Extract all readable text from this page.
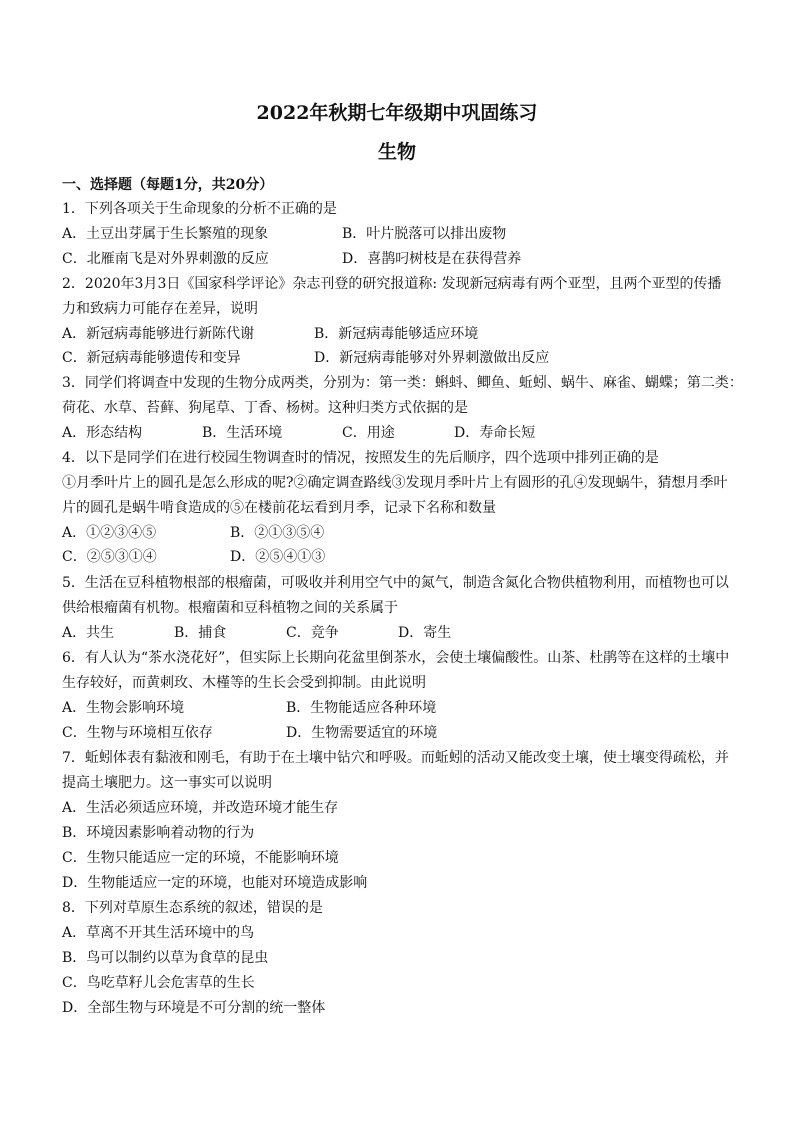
2022年秋期七年级期中巩固练习
生物
一、选择题（每题1分，共20分）
1．下列各项关于生命现象的分析不正确的是
A．土豆出芽属于生长繁殖的现象	B．叶片脱落可以排出废物
C．北雁南飞是对外界刺激的反应	D．喜鹊叼树枝是在获得营养
2．2020年3月3日《国家科学评论》杂志刊登的研究报道称: 发现新冠病毒有两个亚型，且两个亚型的传播
力和致病力可能存在差异，说明
A．新冠病毒能够进行新陈代谢	B．新冠病毒能够适应环境
C．新冠病毒能够遗传和变异	D．新冠病毒能够对外界刺激做出反应
3．同学们将调查中发现的生物分成两类，分别为：第一类：蝌蚪、鲫鱼、蚯蚓、蜗牛、麻雀、蝴蝶；第二类：
荷花、水草、苔藓、狗尾草、丁香、杨树。这种归类方式依据的是
A．形态结构	B．生活环境	C．用途	D．寿命长短
4．以下是同学们在进行校园生物调查时的情况，按照发生的先后顺序，四个选项中排列正确的是
①月季叶片上的圆孔是怎么形成的呢?②确定调查路线③发现月季叶片上有圆形的孔④发现蜗牛，猜想月季叶
片的圆孔是蜗牛啃食造成的⑤在楼前花坛看到月季，记录下名称和数量
A．①②③④⑤	B．②①③⑤④
C．②⑤③①④	D．②⑤④①③
5．生活在豆科植物根部的根瘤菌，可吸收并利用空气中的氮气，制造含氮化合物供植物利用，而植物也可以
供给根瘤菌有机物。根瘤菌和豆科植物之间的关系属于
A．共生	B．捕食	C．竞争	D．寄生
6．有人认为“茶水浇花好”，但实际上长期向花盆里倒茶水，会使土壤偏酸性。山茶、杜鹃等在这样的土壤中
生存较好，而黄刺玫、木槿等的生长会受到抑制。由此说明
A．生物会影响环境	B．生物能适应各种环境
C．生物与环境相互依存	D．生物需要适宜的环境
7．蚯蚓体表有黏液和刚毛，有助于在土壤中钻穴和呼吸。而蚯蚓的活动又能改变土壤，使土壤变得疏松，并
提高土壤肥力。这一事实可以说明
A．生活必须适应环境，并改造环境才能生存
B．环境因素影响着动物的行为
C．生物只能适应一定的环境，不能影响环境
D．生物能适应一定的环境，也能对环境造成影响
8．下列对草原生态系统的叙述，错误的是
A．草离不开其生活环境中的鸟
B．鸟可以制约以草为食草的昆虫
C．鸟吃草籽儿会危害草的生长
D．全部生物与环境是不可分割的统一整体
